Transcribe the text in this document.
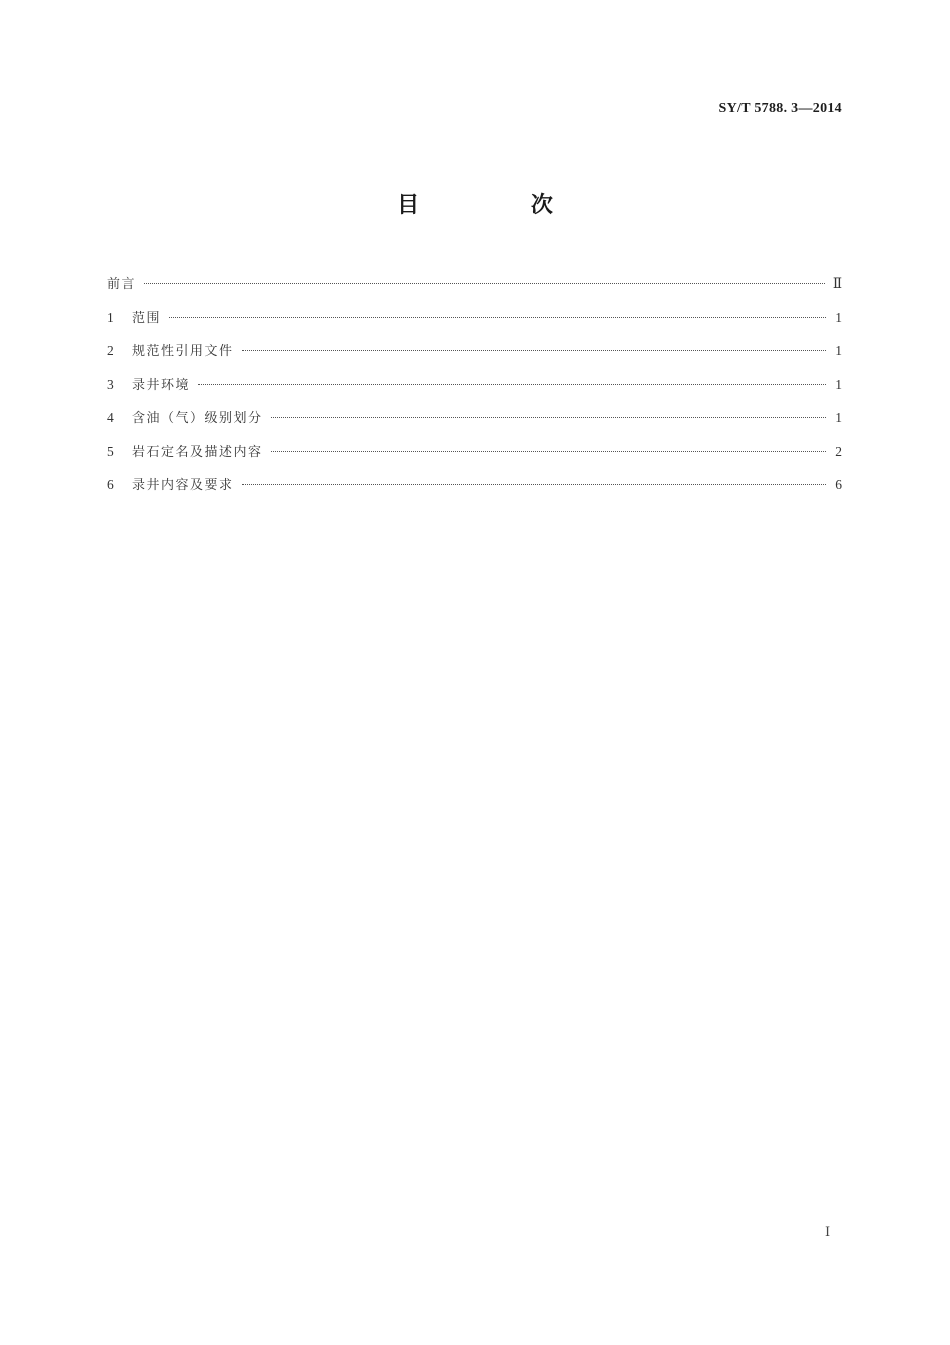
SY/T 5788. 3—2014
目 次
前言	Ⅱ
1	范围	1
2	规范性引用文件	1
3	录井环境	1
4	含油（气）级别划分	1
5	岩石定名及描述内容	2
6	录井内容及要求	6
Ⅰ
